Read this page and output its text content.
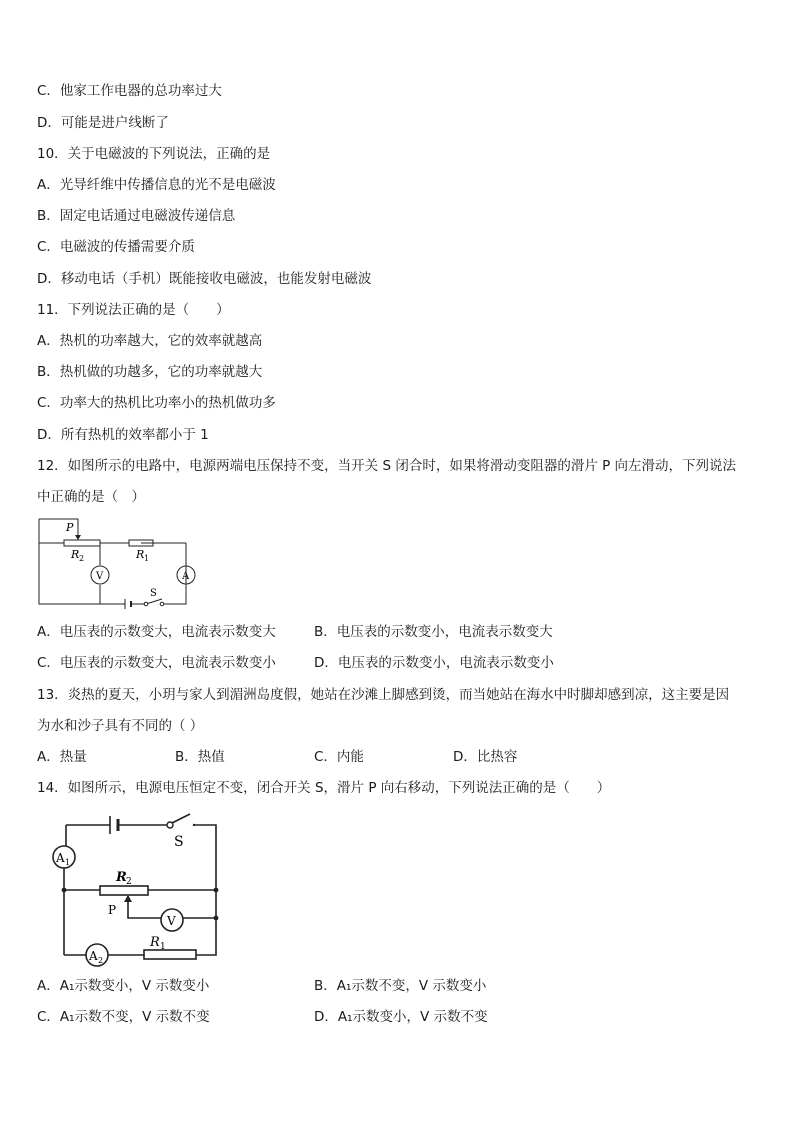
C．他家工作电器的总功率过大
D．可能是进户线断了
10．关于电磁波的下列说法，正确的是
A．光导纤维中传播信息的光不是电磁波
B．固定电话通过电磁波传递信息
C．电磁波的传播需要介质
D．移动电话（手机）既能接收电磁波，也能发射电磁波
11．下列说法正确的是（　　）
A．热机的功率越大，它的效率就越高
B．热机做的功越多，它的功率就越大
C．功率大的热机比功率小的热机做功多
D．所有热机的效率都小于 1
12．如图所示的电路中，电源两端电压保持不变，当开关 S 闭合时，如果将滑动变阻器的滑片 P 向左滑动，下列说法
中正确的是（　）
P
R 2	R 1
V	A
S
A．电压表的示数变大，电流表示数变大	B．电压表的示数变小，电流表示数变大
C．电压表的示数变大，电流表示数变小	D．电压表的示数变小，电流表示数变小
13．炎热的夏天，小玥与家人到湄洲岛度假，她站在沙滩上脚感到烫，而当她站在海水中时脚却感到凉，这主要是因
为水和沙子具有不同的（ ）
A．热量	B．热值	C．内能	D．比热容
14．如图所示，电源电压恒定不变，闭合开关 S，滑片 P 向右移动，下列说法正确的是（　　）
S
A 1
R 2
P
V
A 2
R 1
A．A₁示数变小，V 示数变小	B．A₁示数不变，V 示数变小
C．A₁示数不变，V 示数不变	D．A₁示数变小，V 示数不变
